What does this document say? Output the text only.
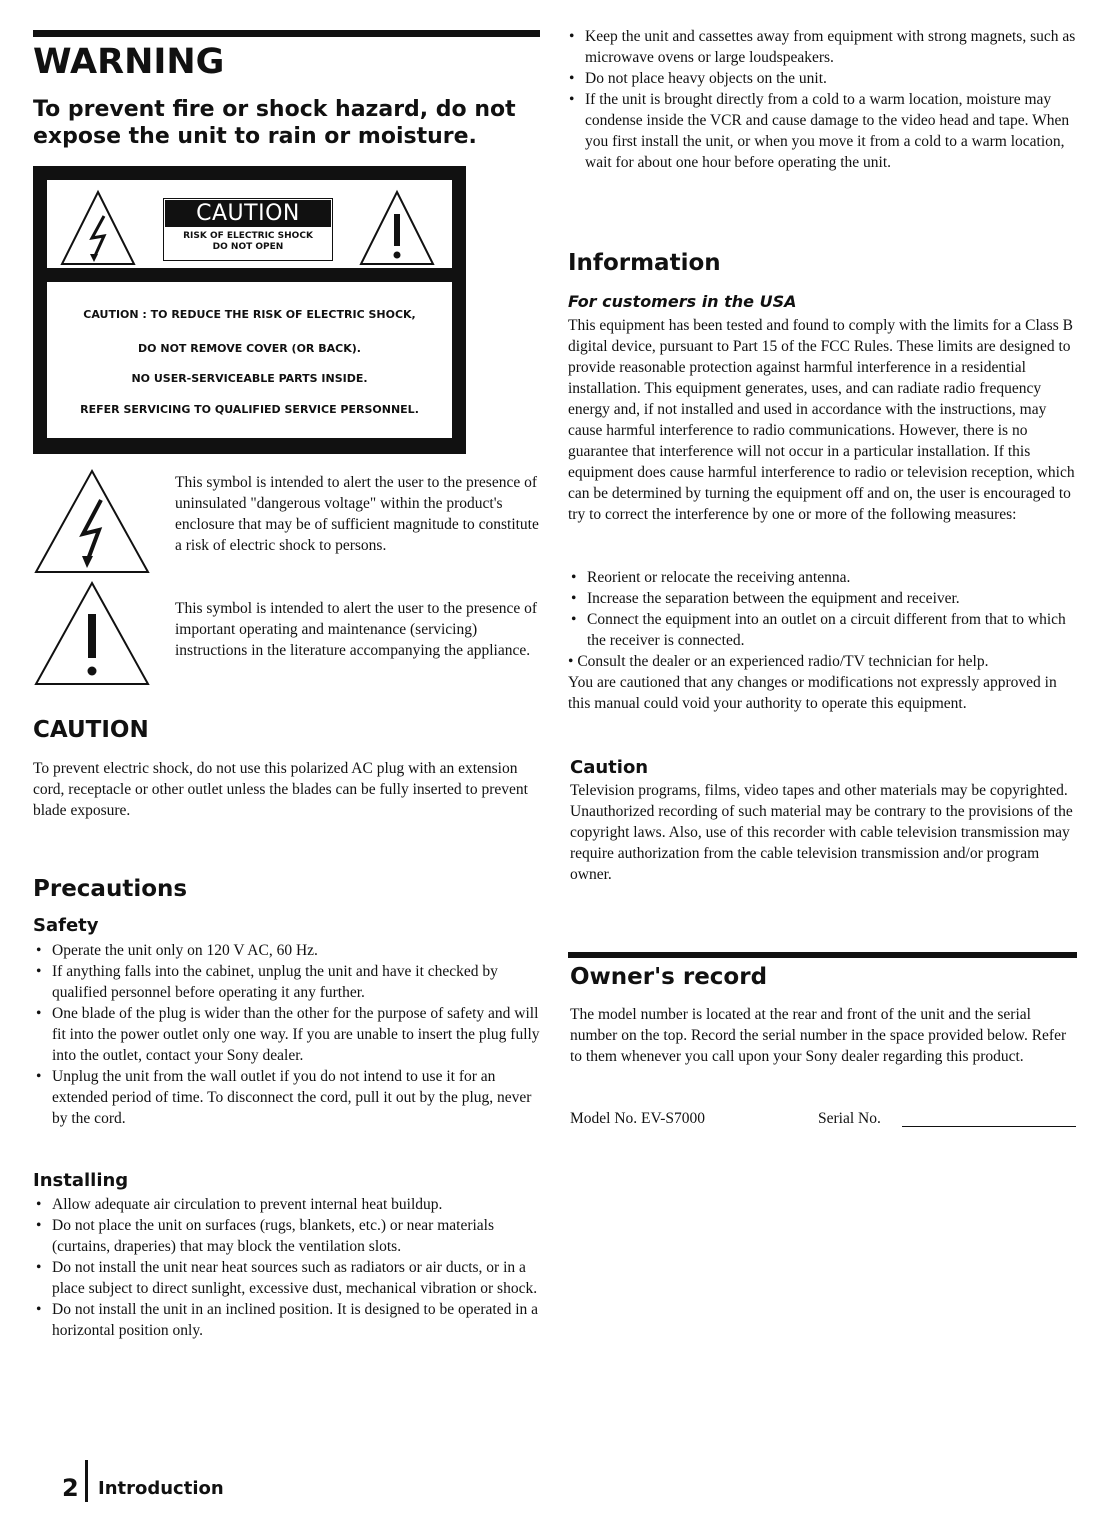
WARNING
To prevent fire or shock hazard, do not expose the unit to rain or moisture.
CAUTION
RISK OF ELECTRIC SHOCK
DO NOT OPEN
CAUTION : TO REDUCE THE RISK OF ELECTRIC SHOCK,
DO NOT REMOVE COVER (OR BACK).
NO USER-SERVICEABLE PARTS INSIDE.
REFER SERVICING TO QUALIFIED SERVICE PERSONNEL.
This symbol is intended to alert the user to the presence of uninsulated "dangerous voltage" within the product's enclosure that may be of sufficient magnitude to constitute a risk of electric shock to persons.
This symbol is intended to alert the user to the presence of important operating and maintenance (servicing) instructions in the literature accompanying the appliance.
CAUTION
To prevent electric shock, do not use this polarized AC plug with an extension cord, receptacle or other outlet unless the blades can be fully inserted to prevent blade exposure.
Precautions
Safety
• Operate the unit only on 120 V AC, 60 Hz.
• If anything falls into the cabinet, unplug the unit and have it checked by qualified personnel before operating it any further.
• One blade of the plug is wider than the other for the purpose of safety and will fit into the power outlet only one way. If you are unable to insert the plug fully into the outlet, contact your Sony dealer.
• Unplug the unit from the wall outlet if you do not intend to use it for an extended period of time. To disconnect the cord, pull it out by the plug, never by the cord.
Installing
• Allow adequate air circulation to prevent internal heat buildup.
• Do not place the unit on surfaces (rugs, blankets, etc.) or near materials (curtains, draperies) that may block the ventilation slots.
• Do not install the unit near heat sources such as radiators or air ducts, or in a place subject to direct sunlight, excessive dust, mechanical vibration or shock.
• Do not install the unit in an inclined position. It is designed to be operated in a horizontal position only.
• Keep the unit and cassettes away from equipment with strong magnets, such as microwave ovens or large loudspeakers.
• Do not place heavy objects on the unit.
• If the unit is brought directly from a cold to a warm location, moisture may condense inside the VCR and cause damage to the video head and tape. When you first install the unit, or when you move it from a cold to a warm location, wait for about one hour before operating the unit.
Information
For customers in the USA
This equipment has been tested and found to comply with the limits for a Class B digital device, pursuant to Part 15 of the FCC Rules. These limits are designed to provide reasonable protection against harmful interference in a residential installation. This equipment generates, uses, and can radiate radio frequency energy and, if not installed and used in accordance with the instructions, may cause harmful interference to radio communications. However, there is no guarantee that interference will not occur in a particular installation. If this equipment does cause harmful interference to radio or television reception, which can be determined by turning the equipment off and on, the user is encouraged to try to correct the interference by one or more of the following measures:
• Reorient or relocate the receiving antenna.
• Increase the separation between the equipment and receiver.
• Connect the equipment into an outlet on a circuit different from that to which the receiver is connected.
• Consult the dealer or an experienced radio/TV technician for help.
You are cautioned that any changes or modifications not expressly approved in this manual could void your authority to operate this equipment.
Caution
Television programs, films, video tapes and other materials may be copyrighted. Unauthorized recording of such material may be contrary to the provisions of the copyright laws. Also, use of this recorder with cable television transmission may require authorization from the cable television transmission and/or program owner.
Owner's record
The model number is located at the rear and front of the unit and the serial number on the top. Record the serial number in the space provided below. Refer to them whenever you call upon your Sony dealer regarding this product.
Model No. EV-S7000	Serial No.
2 Introduction
